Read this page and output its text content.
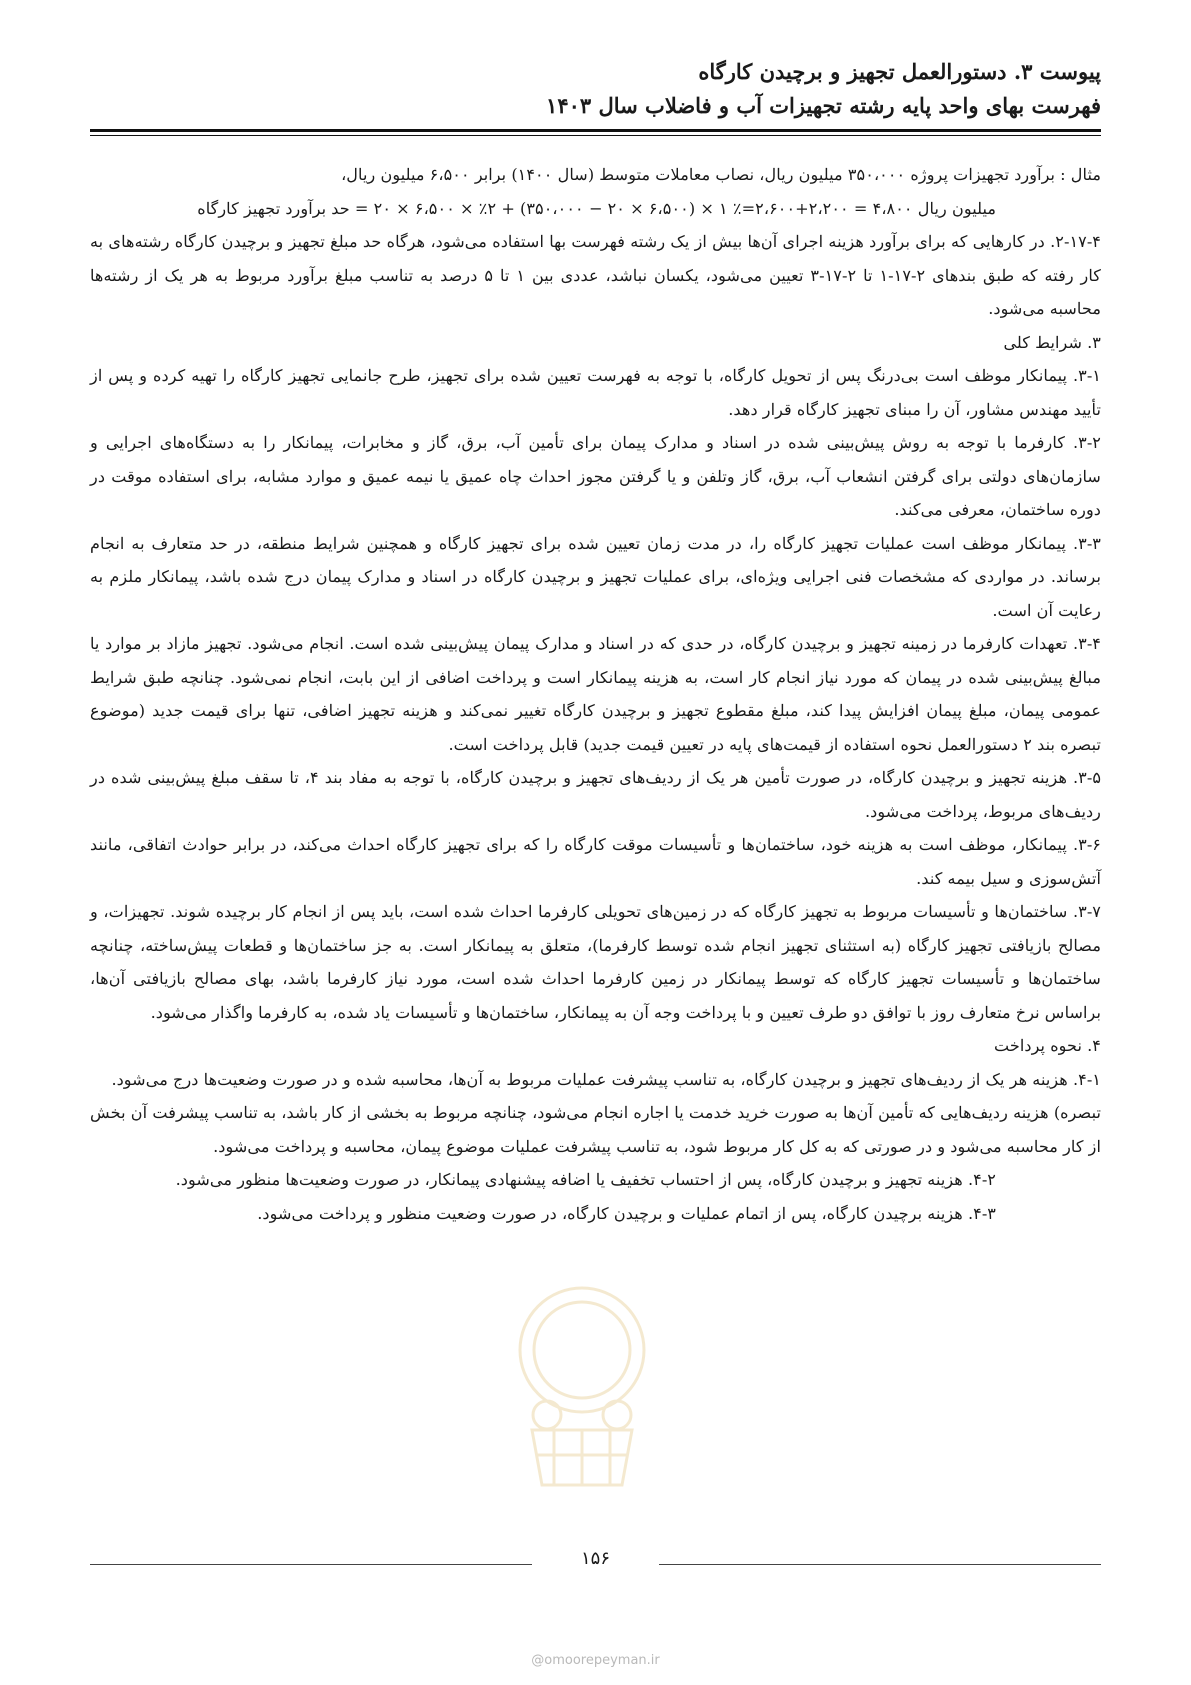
پیوست ۳. دستورالعمل تجهیز و برچیدن کارگاه
فهرست بهای واحد پایه رشته تجهیزات آب و فاضلاب سال ۱۴۰۳

مثال : برآورد تجهیزات پروژه ۳۵۰،۰۰۰ میلیون ریال، نصاب معاملات متوسط (سال ۱۴۰۰) برابر ۶،۵۰۰ میلیون ریال،

میلیون ریال ۴،۸۰۰ = ۲،۲۰۰+۲،۶۰۰=٪ ۱ × (۶،۵۰۰ × ۲۰ − ۳۵۰،۰۰۰) + ۲٪ × ۶،۵۰۰ × ۲۰ = حد برآورد تجهیز کارگاه

۲-۱۷-۴. در کارهایی که برای برآورد هزینه اجرای آن‌ها بیش از یک رشته فهرست بها استفاده می‌شود، هرگاه حد مبلغ تجهیز و برچیدن کارگاه رشته‌های به کار رفته که طبق بندهای ۲-۱۷-۱ تا ۲-۱۷-۳ تعیین می‌شود، یکسان نباشد، عددی بین ۱ تا ۵ درصد به تناسب مبلغ برآورد مربوط به هر یک از رشته‌ها محاسبه می‌شود.

۳. شرایط کلی

۳-۱. پیمانکار موظف است بی‌درنگ پس از تحویل کارگاه، با توجه به فهرست تعیین شده برای تجهیز، طرح جانمایی تجهیز کارگاه را تهیه کرده و پس از تأیید مهندس مشاور، آن را مبنای تجهیز کارگاه قرار دهد.

۳-۲. کارفرما با توجه به روش پیش‌بینی شده در اسناد و مدارک پیمان برای تأمین آب، برق، گاز و مخابرات، پیمانکار را به دستگاه‌های اجرایی و سازمان‌های دولتی برای گرفتن انشعاب آب، برق، گاز وتلفن و یا گرفتن مجوز احداث چاه عمیق یا نیمه عمیق و موارد مشابه، برای استفاده موقت در دوره ساختمان، معرفی می‌کند.

۳-۳. پیمانکار موظف است عملیات تجهیز کارگاه را، در مدت زمان تعیین شده برای تجهیز کارگاه و همچنین شرایط منطقه، در حد متعارف به انجام برساند. در مواردی که مشخصات فنی اجرایی ویژه‌ای، برای عملیات تجهیز و برچیدن کارگاه در اسناد و مدارک پیمان درج شده باشد، پیمانکار ملزم به رعایت آن است.

۳-۴. تعهدات کارفرما در زمینه تجهیز و برچیدن کارگاه، در حدی که در اسناد و مدارک پیمان پیش‌بینی شده است. انجام می‌شود. تجهیز مازاد بر موارد یا مبالغ پیش‌بینی شده در پیمان که مورد نیاز انجام کار است، به هزینه پیمانکار است و پرداخت اضافی از این بابت، انجام نمی‌شود. چنانچه طبق شرایط عمومی پیمان، مبلغ پیمان افزایش پیدا کند، مبلغ مقطوع تجهیز و برچیدن کارگاه تغییر نمی‌کند و هزینه تجهیز اضافی، تنها برای قیمت جدید (موضوع تبصره بند ۲ دستورالعمل نحوه استفاده از قیمت‌های پایه در تعیین قیمت جدید) قابل پرداخت است.

۳-۵. هزینه تجهیز و برچیدن کارگاه، در صورت تأمین هر یک از ردیف‌های تجهیز و برچیدن کارگاه، با توجه به مفاد بند ۴، تا سقف مبلغ پیش‌بینی شده در ردیف‌های مربوط، پرداخت می‌شود.

۳-۶. پیمانکار، موظف است به هزینه خود، ساختمان‌ها و تأسیسات موقت کارگاه را که برای تجهیز کارگاه احداث می‌کند، در برابر حوادث اتفاقی، مانند آتش‌سوزی و سیل بیمه کند.

۳-۷. ساختمان‌ها و تأسیسات مربوط به تجهیز کارگاه که در زمین‌های تحویلی کارفرما احداث شده است، باید پس از انجام کار برچیده شوند. تجهیزات، و مصالح بازیافتی تجهیز کارگاه (به استثنای تجهیز انجام شده توسط کارفرما)، متعلق به پیمانکار است. به جز ساختمان‌ها و قطعات پیش‌ساخته، چنانچه ساختمان‌ها و تأسیسات تجهیز کارگاه که توسط پیمانکار در زمین کارفرما احداث شده است، مورد نیاز کارفرما باشد، بهای مصالح بازیافتی آن‌ها، براساس نرخ متعارف روز با توافق دو طرف تعیین و با پرداخت وجه آن به پیمانکار، ساختمان‌ها و تأسیسات یاد شده، به کارفرما واگذار می‌شود.

۴. نحوه پرداخت

۴-۱. هزینه هر یک از ردیف‌های تجهیز و برچیدن کارگاه، به تناسب پیشرفت عملیات مربوط به آن‌ها، محاسبه شده و در صورت وضعیت‌ها درج می‌شود.

تبصره) هزینه ردیف‌هایی که تأمین آن‌ها به صورت خرید خدمت یا اجاره انجام می‌شود، چنانچه مربوط به بخشی از کار باشد، به تناسب پیشرفت آن بخش از کار محاسبه می‌شود و در صورتی که به کل کار مربوط شود، به تناسب پیشرفت عملیات موضوع پیمان، محاسبه و پرداخت می‌شود.

۴-۲. هزینه تجهیز و برچیدن کارگاه، پس از احتساب تخفیف یا اضافه پیشنهادی پیمانکار، در صورت وضعیت‌ها منظور می‌شود.

۴-۳. هزینه برچیدن کارگاه، پس از اتمام عملیات و برچیدن کارگاه، در صورت وضعیت منظور و پرداخت می‌شود.

۱۵۶
@omoorepeyman.ir
